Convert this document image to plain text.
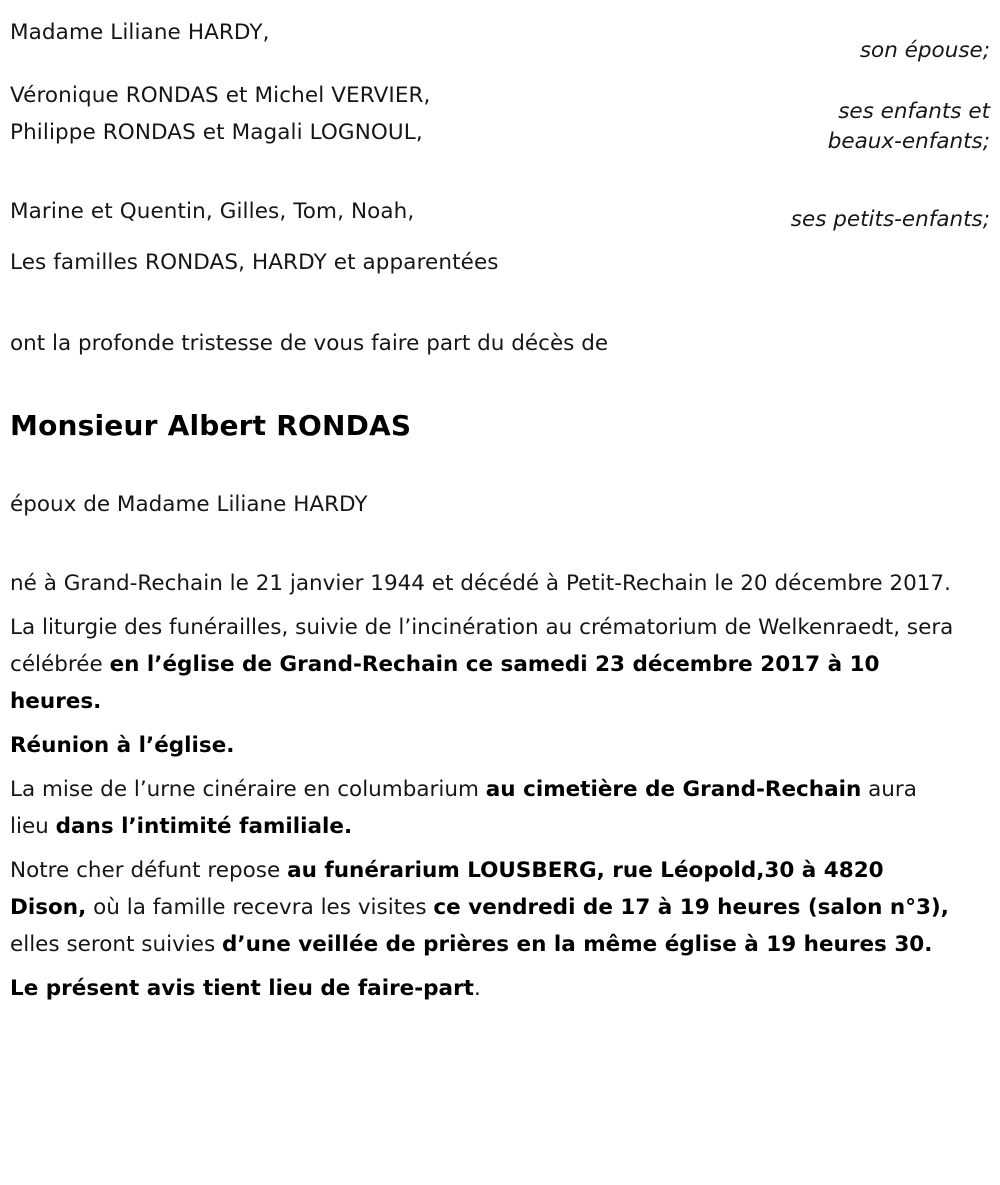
Madame Liliane HARDY,
son épouse;
Véronique RONDAS et Michel VERVIER,
Philippe RONDAS et Magali LOGNOUL,
ses enfants et
beaux-enfants;
Marine et Quentin, Gilles, Tom, Noah,	ses petits-enfants;
Les familles RONDAS, HARDY et apparentées

ont la profonde tristesse de vous faire part du décès de

Monsieur Albert RONDAS

époux de Madame Liliane HARDY

né à Grand-Rechain le 21 janvier 1944 et décédé à Petit-Rechain le 20 décembre 2017.

La liturgie des funérailles, suivie de l’incinération au crématorium de Welkenraedt, sera célébrée en l’église de Grand-Rechain ce samedi 23 décembre 2017 à 10 heures.

Réunion à l’église.

La mise de l’urne cinéraire en columbarium au cimetière de Grand-Rechain aura lieu dans l’intimité familiale.

Notre cher défunt repose au funérarium LOUSBERG, rue Léopold,30 à 4820 Dison, où la famille recevra les visites ce vendredi de 17 à 19 heures (salon n°3), elles seront suivies d’une veillée de prières en la même église à 19 heures 30.

Le présent avis tient lieu de faire-part.
